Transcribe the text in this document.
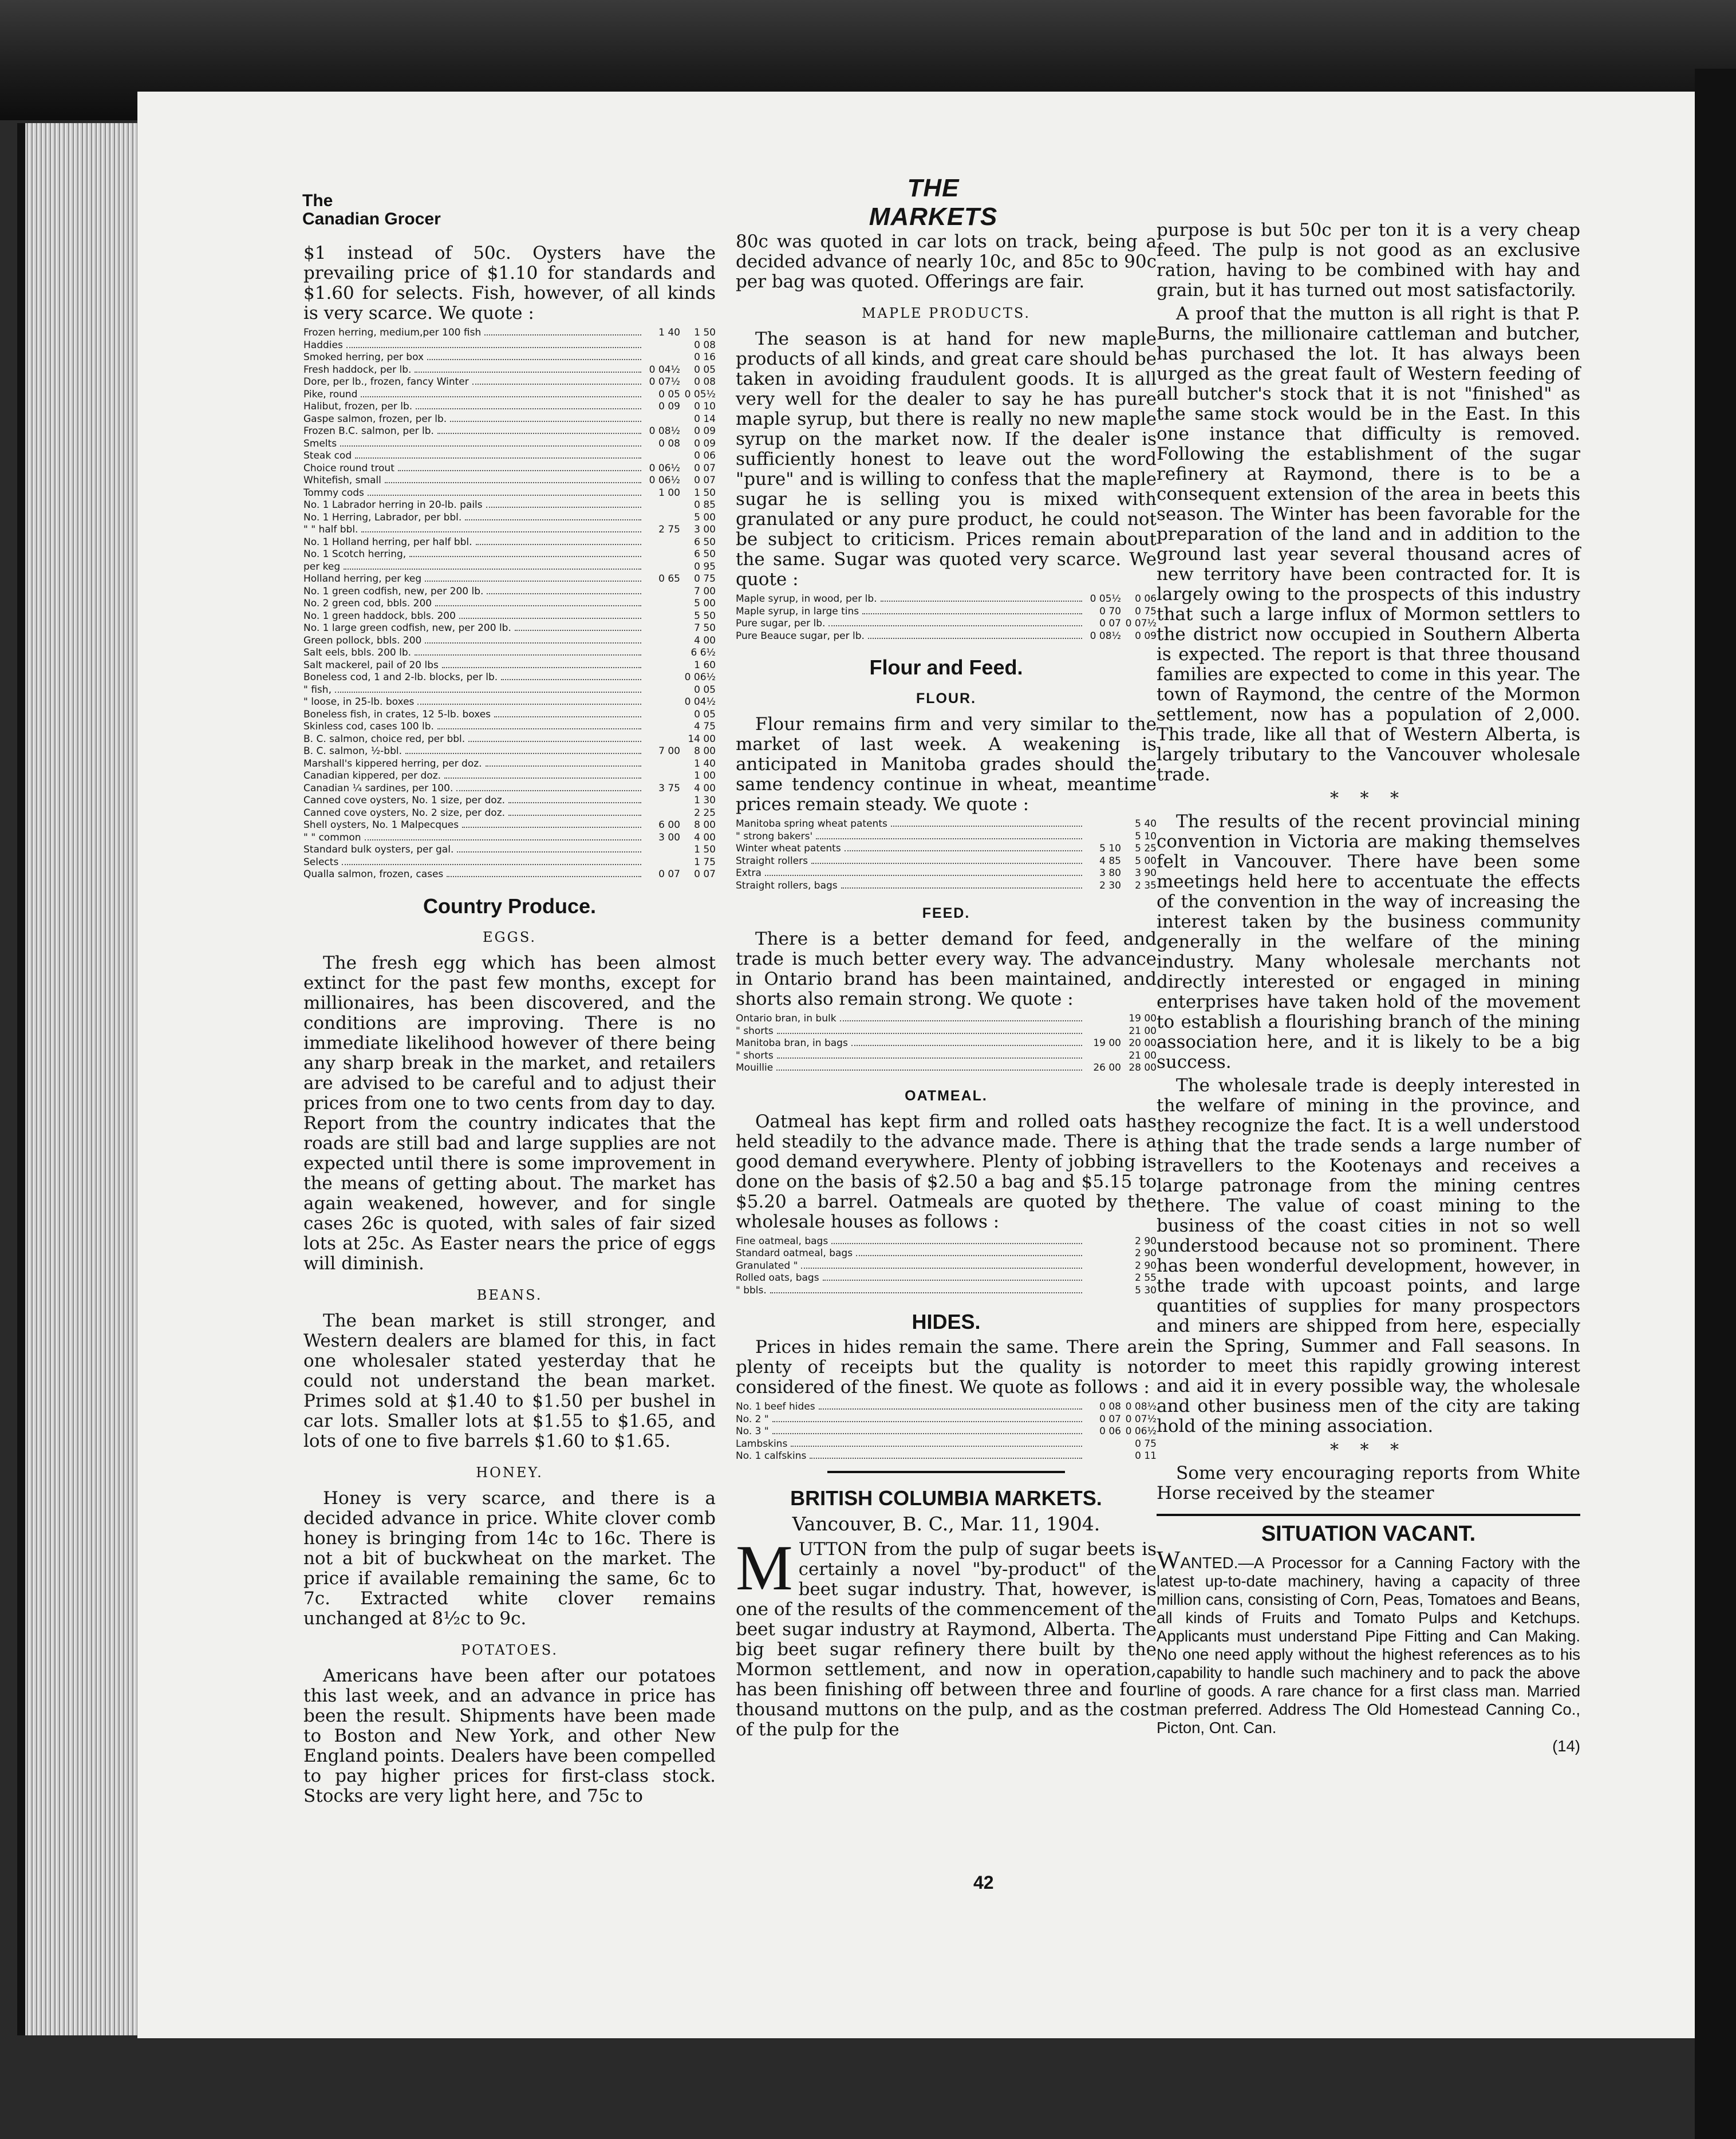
The
Canadian Grocer
THE MARKETS

$1 instead of 50c. Oysters have the prevailing price of $1.10 for standards and $1.60 for selects. Fish, however, of all kinds is very scarce. We quote :

Frozen herring, medium,per 100 fish	1 40	1 50
Haddies	0 08
Smoked herring, per box	0 16
Fresh haddock, per lb.	0 04½	0 05
Dore, per lb., frozen, fancy Winter	0 07½	0 08
Pike, round	0 05 0 05½
Halibut, frozen, per lb.	0 09	0 10
Gaspe salmon, frozen, per lb.	0 14
Frozen B.C. salmon, per lb.	0 08½	0 09
Smelts	0 08	0 09
Steak cod	0 06
Choice round trout	0 06½	0 07
Whitefish, small	0 06½	0 07
Tommy cods	1 00	1 50
No. 1 Labrador herring in 20-lb. pails	0 85
No. 1 Herring, Labrador, per bbl.	5 00
" " half bbl.	2 75	3 00
No. 1 Holland herring, per half bbl.	6 50
No. 1 Scotch herring,	6 50
per keg	0 95
Holland herring, per keg	0 65	0 75
No. 1 green codfish, new, per 200 lb.	7 00
No. 2 green cod, bbls. 200	5 00
No. 1 green haddock, bbls. 200	5 50
No. 1 large green codfish, new, per 200 lb.	7 50
Green pollock, bbls. 200	4 00
Salt eels, bbls. 200 lb.	6 6½
Salt mackerel, pail of 20 lbs	1 60
Boneless cod, 1 and 2-lb. blocks, per lb.	0 06½
" fish,	0 05
" loose, in 25-lb. boxes	0 04½
Boneless fish, in crates, 12 5-lb. boxes	0 05
Skinless cod, cases 100 lb.	4 75
B. C. salmon, choice red, per bbl.	14 00
B. C. salmon, ½-bbl.	7 00	8 00
Marshall's kippered herring, per doz.	1 40
Canadian kippered, per doz.	1 00
Canadian ¼ sardines, per 100.	3 75	4 00
Canned cove oysters, No. 1 size, per doz.	1 30
Canned cove oysters, No. 2 size, per doz.	2 25
Shell oysters, No. 1 Malpecques	6 00	8 00
" " common	3 00	4 00
Standard bulk oysters, per gal.	1 50
Selects	1 75
Qualla salmon, frozen, cases	0 07	0 07
Country Produce.
EGGS.

The fresh egg which has been almost extinct for the past few months, except for millionaires, has been discovered, and the conditions are improving. There is no immediate likelihood however of there being any sharp break in the market, and retailers are advised to be careful and to adjust their prices from one to two cents from day to day. Report from the country indicates that the roads are still bad and large supplies are not expected until there is some improvement in the means of getting about. The market has again weakened, however, and for single cases 26c is quoted, with sales of fair sized lots at 25c. As Easter nears the price of eggs will diminish.

BEANS.

The bean market is still stronger, and Western dealers are blamed for this, in fact one wholesaler stated yesterday that he could not understand the bean market. Primes sold at $1.40 to $1.50 per bushel in car lots. Smaller lots at $1.55 to $1.65, and lots of one to five barrels $1.60 to $1.65.

HONEY.

Honey is very scarce, and there is a decided advance in price. White clover comb honey is bringing from 14c to 16c. There is not a bit of buckwheat on the market. The price if available remaining the same, 6c to 7c. Extracted white clover remains unchanged at 8½c to 9c.

POTATOES.

Americans have been after our potatoes this last week, and an advance in price has been the result. Shipments have been made to Boston and New York, and other New England points. Dealers have been compelled to pay higher prices for first-class stock. Stocks are very light here, and 75c to

80c was quoted in car lots on track, being a decided advance of nearly 10c, and 85c to 90c per bag was quoted. Offerings are fair.

MAPLE PRODUCTS.

The season is at hand for new maple products of all kinds, and great care should be taken in avoiding fraudulent goods. It is all very well for the dealer to say he has pure maple syrup, but there is really no new maple syrup on the market now. If the dealer is sufficiently honest to leave out the word "pure" and is willing to confess that the maple sugar he is selling you is mixed with granulated or any pure product, he could not be subject to criticism. Prices remain about the same. Sugar was quoted very scarce. We quote :

Maple syrup, in wood, per lb.	0 05½	0 06
Maple syrup, in large tins	0 70	0 75
Pure sugar, per lb.	0 07 0 07½
Pure Beauce sugar, per lb.	0 08½	0 09
Flour and Feed.
FLOUR.

Flour remains firm and very similar to the market of last week. A weakening is anticipated in Manitoba grades should the same tendency continue in wheat, meantime prices remain steady. We quote :

Manitoba spring wheat patents	5 40
" strong bakers'	5 10
Winter wheat patents	5 10	5 25
Straight rollers	4 85	5 00
Extra	3 80	3 90
Straight rollers, bags	2 30	2 35
FEED.

There is a better demand for feed, and trade is much better every way. The advance in Ontario brand has been maintained, and shorts also remain strong. We quote :

Ontario bran, in bulk	19 00
" shorts	21 00
Manitoba bran, in bags	19 00 20 00
" shorts	21 00
Mouillie	26 00 28 00
OATMEAL.

Oatmeal has kept firm and rolled oats has held steadily to the advance made. There is a good demand everywhere. Plenty of jobbing is done on the basis of $2.50 a bag and $5.15 to $5.20 a barrel. Oatmeals are quoted by the wholesale houses as follows :

Fine oatmeal, bags	2 90
Standard oatmeal, bags	2 90
Granulated "	2 90
Rolled oats, bags	2 55
" bbls.	5 30
HIDES.

Prices in hides remain the same. There are plenty of receipts but the quality is not considered of the finest. We quote as follows :

No. 1 beef hides	0 08 0 08½
No. 2 "	0 07 0 07½
No. 3 "	0 06 0 06½
Lambskins	0 75
No. 1 calfskins	0 11
BRITISH COLUMBIA MARKETS.

Vancouver, B. C., Mar. 11, 1904.

MUTTON from the pulp of sugar beets is certainly a novel "by-product" of the beet sugar industry. That, however, is one of the results of the commencement of the beet sugar industry at Raymond, Alberta. The big beet sugar refinery there built by the Mormon settlement, and now in operation, has been finishing off between three and four thousand muttons on the pulp, and as the cost of the pulp for the

purpose is but 50c per ton it is a very cheap feed. The pulp is not good as an exclusive ration, having to be combined with hay and grain, but it has turned out most satisfactorily.

A proof that the mutton is all right is that P. Burns, the millionaire cattleman and butcher, has purchased the lot. It has always been urged as the great fault of Western feeding of all butcher's stock that it is not "finished" as the same stock would be in the East. In this one instance that difficulty is removed. Following the establishment of the sugar refinery at Raymond, there is to be a consequent extension of the area in beets this season. The Winter has been favorable for the preparation of the land and in addition to the ground last year several thousand acres of new territory have been contracted for. It is largely owing to the prospects of this industry that such a large influx of Mormon settlers to the district now occupied in Southern Alberta is expected. The report is that three thousand families are expected to come in this year. The town of Raymond, the centre of the Mormon settlement, now has a population of 2,000. This trade, like all that of Western Alberta, is largely tributary to the Vancouver wholesale trade.

* * *

The results of the recent provincial mining convention in Victoria are making themselves felt in Vancouver. There have been some meetings held here to accentuate the effects of the convention in the way of increasing the interest taken by the business community generally in the welfare of the mining industry. Many wholesale merchants not directly interested or engaged in mining enterprises have taken hold of the movement to establish a flourishing branch of the mining association here, and it is likely to be a big success.

The wholesale trade is deeply interested in the welfare of mining in the province, and they recognize the fact. It is a well understood thing that the trade sends a large number of travellers to the Kootenays and receives a large patronage from the mining centres there. The value of coast mining to the business of the coast cities in not so well understood because not so prominent. There has been wonderful development, however, in the trade with upcoast points, and large quantities of supplies for many prospectors and miners are shipped from here, especially in the Spring, Summer and Fall seasons. In order to meet this rapidly growing interest and aid it in every possible way, the wholesale and other business men of the city are taking hold of the mining association.

* * *

Some very encouraging reports from White Horse received by the steamer

SITUATION VACANT.
WANTED.—A Processor for a Canning Factory with the latest up-to-date machinery, having a capacity of three million cans, consisting of Corn, Peas, Tomatoes and Beans, all kinds of Fruits and Tomato Pulps and Ketchups. Applicants must understand Pipe Fitting and Can Making. No one need apply without the highest references as to his capability to handle such machinery and to pack the above line of goods. A rare chance for a first class man. Married man preferred. Address The Old Homestead Canning Co., Picton, Ont. Can.
(14)
42
